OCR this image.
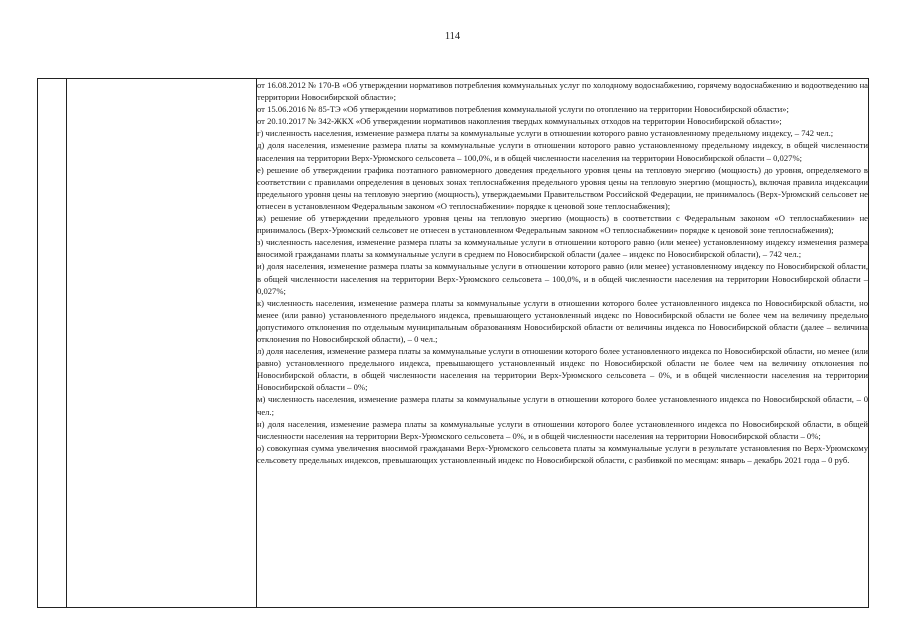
114

от 16.08.2012 № 170-В «Об утверждении нормативов потребления коммунальных услуг по холодному водоснабжению, горячему водоснабжению и водоотведению на территории Новосибирской области»;

от 15.06.2016 № 85-ТЭ «Об утверждении нормативов потребления коммунальной услуги по отоплению на территории Новосибирской области»;

от 20.10.2017 № 342-ЖКХ «Об утверждении нормативов накопления твердых коммунальных отходов на территории Новосибирской области»;

г) численность населения, изменение размера платы за коммунальные услуги в отношении которого равно установленному предельному индексу, – 742 чел.;

д) доля населения, изменение размера платы за коммунальные услуги в отношении которого равно установленному предельному индексу, в общей численности населения на территории Верх-Урюмского сельсовета – 100,0%, и в общей численности населения на территории Новосибирской области – 0,027%;

е) решение об утверждении графика поэтапного равномерного доведения предельного уровня цены на тепловую энергию (мощность) до уровня, определяемого в соответствии с правилами определения в ценовых зонах теплоснабжения предельного уровня цены на тепловую энергию (мощность), включая правила индексации предельного уровня цены на тепловую энергию (мощность), утверждаемыми Правительством Российской Федерации, не принималось (Верх-Урюмский сельсовет не отнесен в установленном Федеральным законом «О теплоснабжении» порядке к ценовой зоне теплоснабжения);

ж) решение об утверждении предельного уровня цены на тепловую энергию (мощность) в соответствии с Федеральным законом «О теплоснабжении» не принималось (Верх-Урюмский сельсовет не отнесен в установленном Федеральным законом «О теплоснабжении» порядке к ценовой зоне теплоснабжения);

з) численность населения, изменение размера платы за коммунальные услуги в отношении которого равно (или менее) установленному индексу изменения размера вносимой гражданами платы за коммунальные услуги в среднем по Новосибирской области (далее – индекс по Новосибирской области), – 742 чел.;

и) доля населения, изменение размера платы за коммунальные услуги в отношении которого равно (или менее) установленному индексу по Новосибирской области, в общей численности населения на территории Верх-Урюмского сельсовета – 100,0%, и в общей численности населения на территории Новосибирской области – 0,027%;

к) численность населения, изменение размера платы за коммунальные услуги в отношении которого более установленного индекса по Новосибирской области, но менее (или равно) установленного предельного индекса, превышающего установленный индекс по Новосибирской области не более чем на величину предельно допустимого отклонения по отдельным муниципальным образованиям Новосибирской области от величины индекса по Новосибирской области (далее – величина отклонения по Новосибирской области), – 0 чел.;

л) доля населения, изменение размера платы за коммунальные услуги в отношении которого более установленного индекса по Новосибирской области, но менее (или равно) установленного предельного индекса, превышающего установленный индекс по Новосибирской области не более чем на величину отклонения по Новосибирской области, в общей численности населения на территории Верх-Урюмского сельсовета – 0%, и в общей численности населения на территории Новосибирской области – 0%;

м) численность населения, изменение размера платы за коммунальные услуги в отношении которого более установленного индекса по Новосибирской области, – 0 чел.;

н) доля населения, изменение размера платы за коммунальные услуги в отношении которого более установленного индекса по Новосибирской области, в общей численности населения на территории Верх-Урюмского сельсовета – 0%, и в общей численности населения на территории Новосибирской области – 0%;

о) совокупная сумма увеличения вносимой гражданами Верх-Урюмского сельсовета платы за коммунальные услуги в результате установления по Верх-Урюмскому сельсовету предельных индексов, превышающих установленный индекс по Новосибирской области, с разбивкой по месяцам: январь – декабрь 2021 года – 0 руб.
